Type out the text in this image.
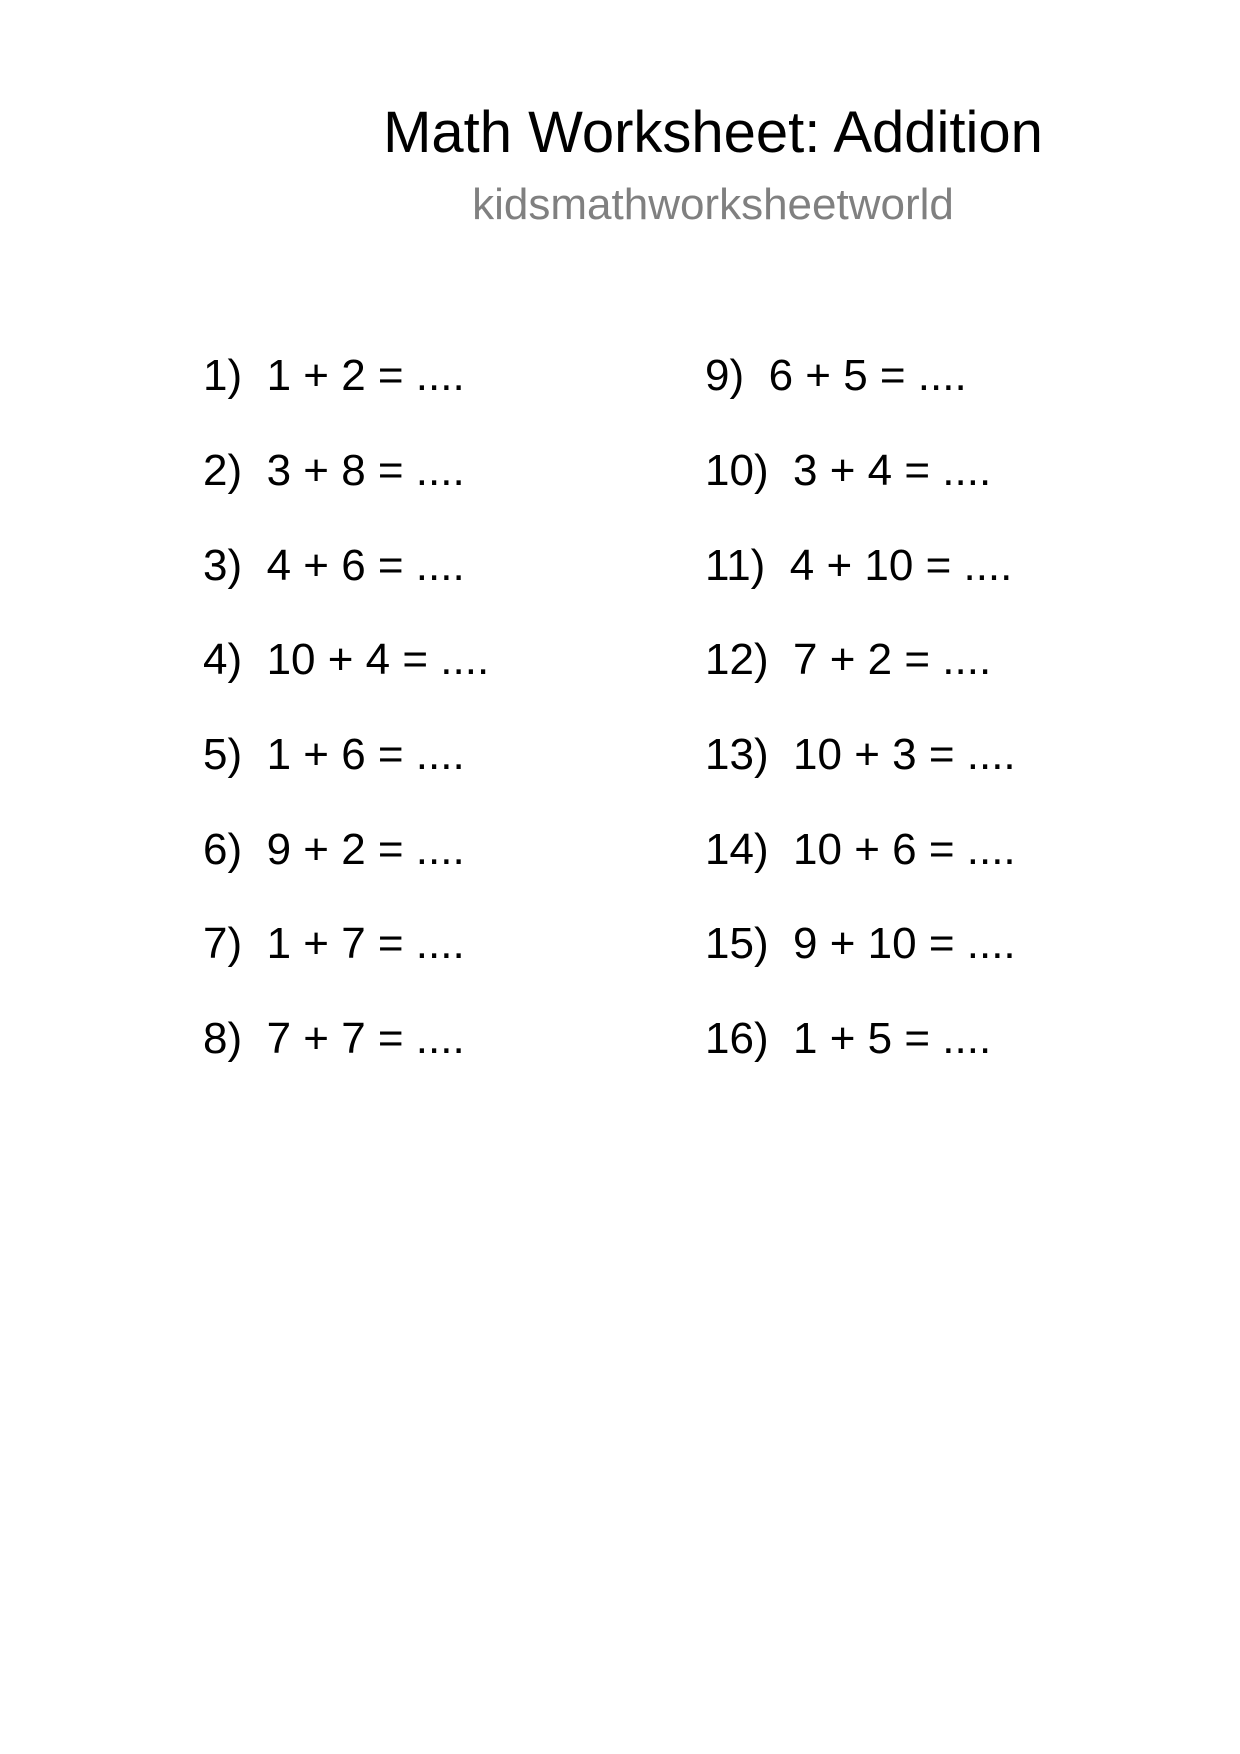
Math Worksheet: Addition
kidsmathworksheetworld
1) 1 + 2 = ....
2) 3 + 8 = ....
3) 4 + 6 = ....
4) 10 + 4 = ....
5) 1 + 6 = ....
6) 9 + 2 = ....
7) 1 + 7 = ....
8) 7 + 7 = ....
9) 6 + 5 = ....
10) 3 + 4 = ....
11) 4 + 10 = ....
12) 7 + 2 = ....
13) 10 + 3 = ....
14) 10 + 6 = ....
15) 9 + 10 = ....
16) 1 + 5 = ....
